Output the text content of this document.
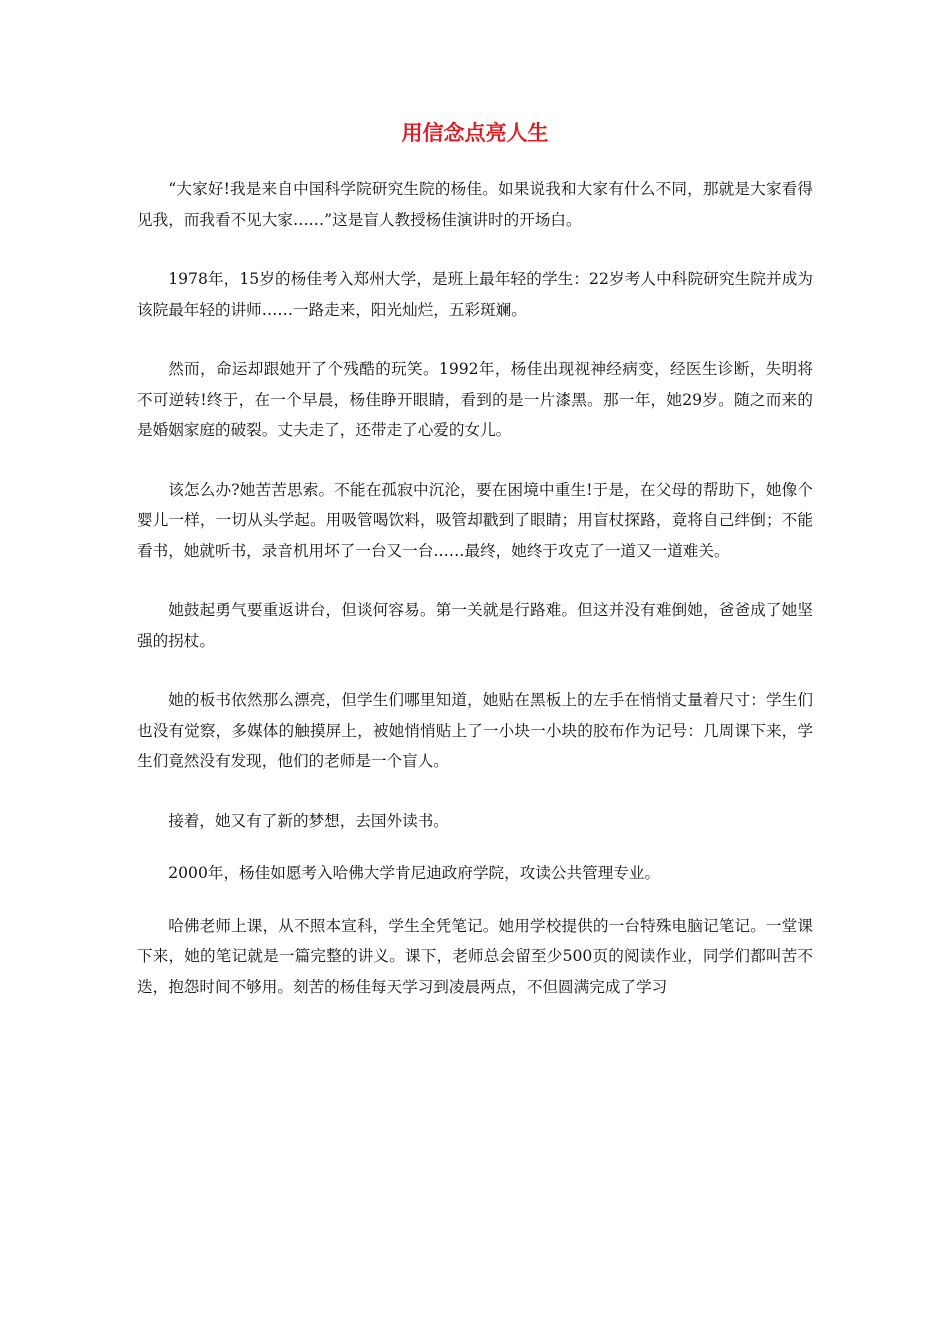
用信念点亮人生

“大家好!我是来自中国科学院研究生院的杨佳。如果说我和大家有什么不同，那就是大家看得见我，而我看不见大家……”这是盲人教授杨佳演讲时的开场白。

1978年，15岁的杨佳考入郑州大学，是班上最年轻的学生：22岁考人中科院研究生院并成为该院最年轻的讲师……一路走来，阳光灿烂，五彩斑斓。

然而，命运却跟她开了个残酷的玩笑。1992年，杨佳出现视神经病变，经医生诊断，失明将不可逆转!终于，在一个早晨，杨佳睁开眼睛，看到的是一片漆黑。那一年，她29岁。随之而来的是婚姻家庭的破裂。丈夫走了，还带走了心爱的女儿。

该怎么办?她苦苦思索。不能在孤寂中沉沦，要在困境中重生!于是，在父母的帮助下，她像个婴儿一样，一切从头学起。用吸管喝饮料，吸管却戳到了眼睛；用盲杖探路，竟将自己绊倒；不能看书，她就听书，录音机用坏了一台又一台……最终，她终于攻克了一道又一道难关。

她鼓起勇气要重返讲台，但谈何容易。第一关就是行路难。但这并没有难倒她，爸爸成了她坚强的拐杖。

她的板书依然那么漂亮，但学生们哪里知道，她贴在黑板上的左手在悄悄丈量着尺寸：学生们也没有觉察，多媒体的触摸屏上，被她悄悄贴上了一小块一小块的胶布作为记号：几周课下来，学生们竟然没有发现，他们的老师是一个盲人。

接着，她又有了新的梦想，去国外读书。

2000年，杨佳如愿考入哈佛大学肯尼迪政府学院，攻读公共管理专业。

哈佛老师上课，从不照本宣科，学生全凭笔记。她用学校提供的一台特殊电脑记笔记。一堂课下来，她的笔记就是一篇完整的讲义。课下，老师总会留至少500页的阅读作业，同学们都叫苦不迭，抱怨时间不够用。刻苦的杨佳每天学习到凌晨两点，不但圆满完成了学习
